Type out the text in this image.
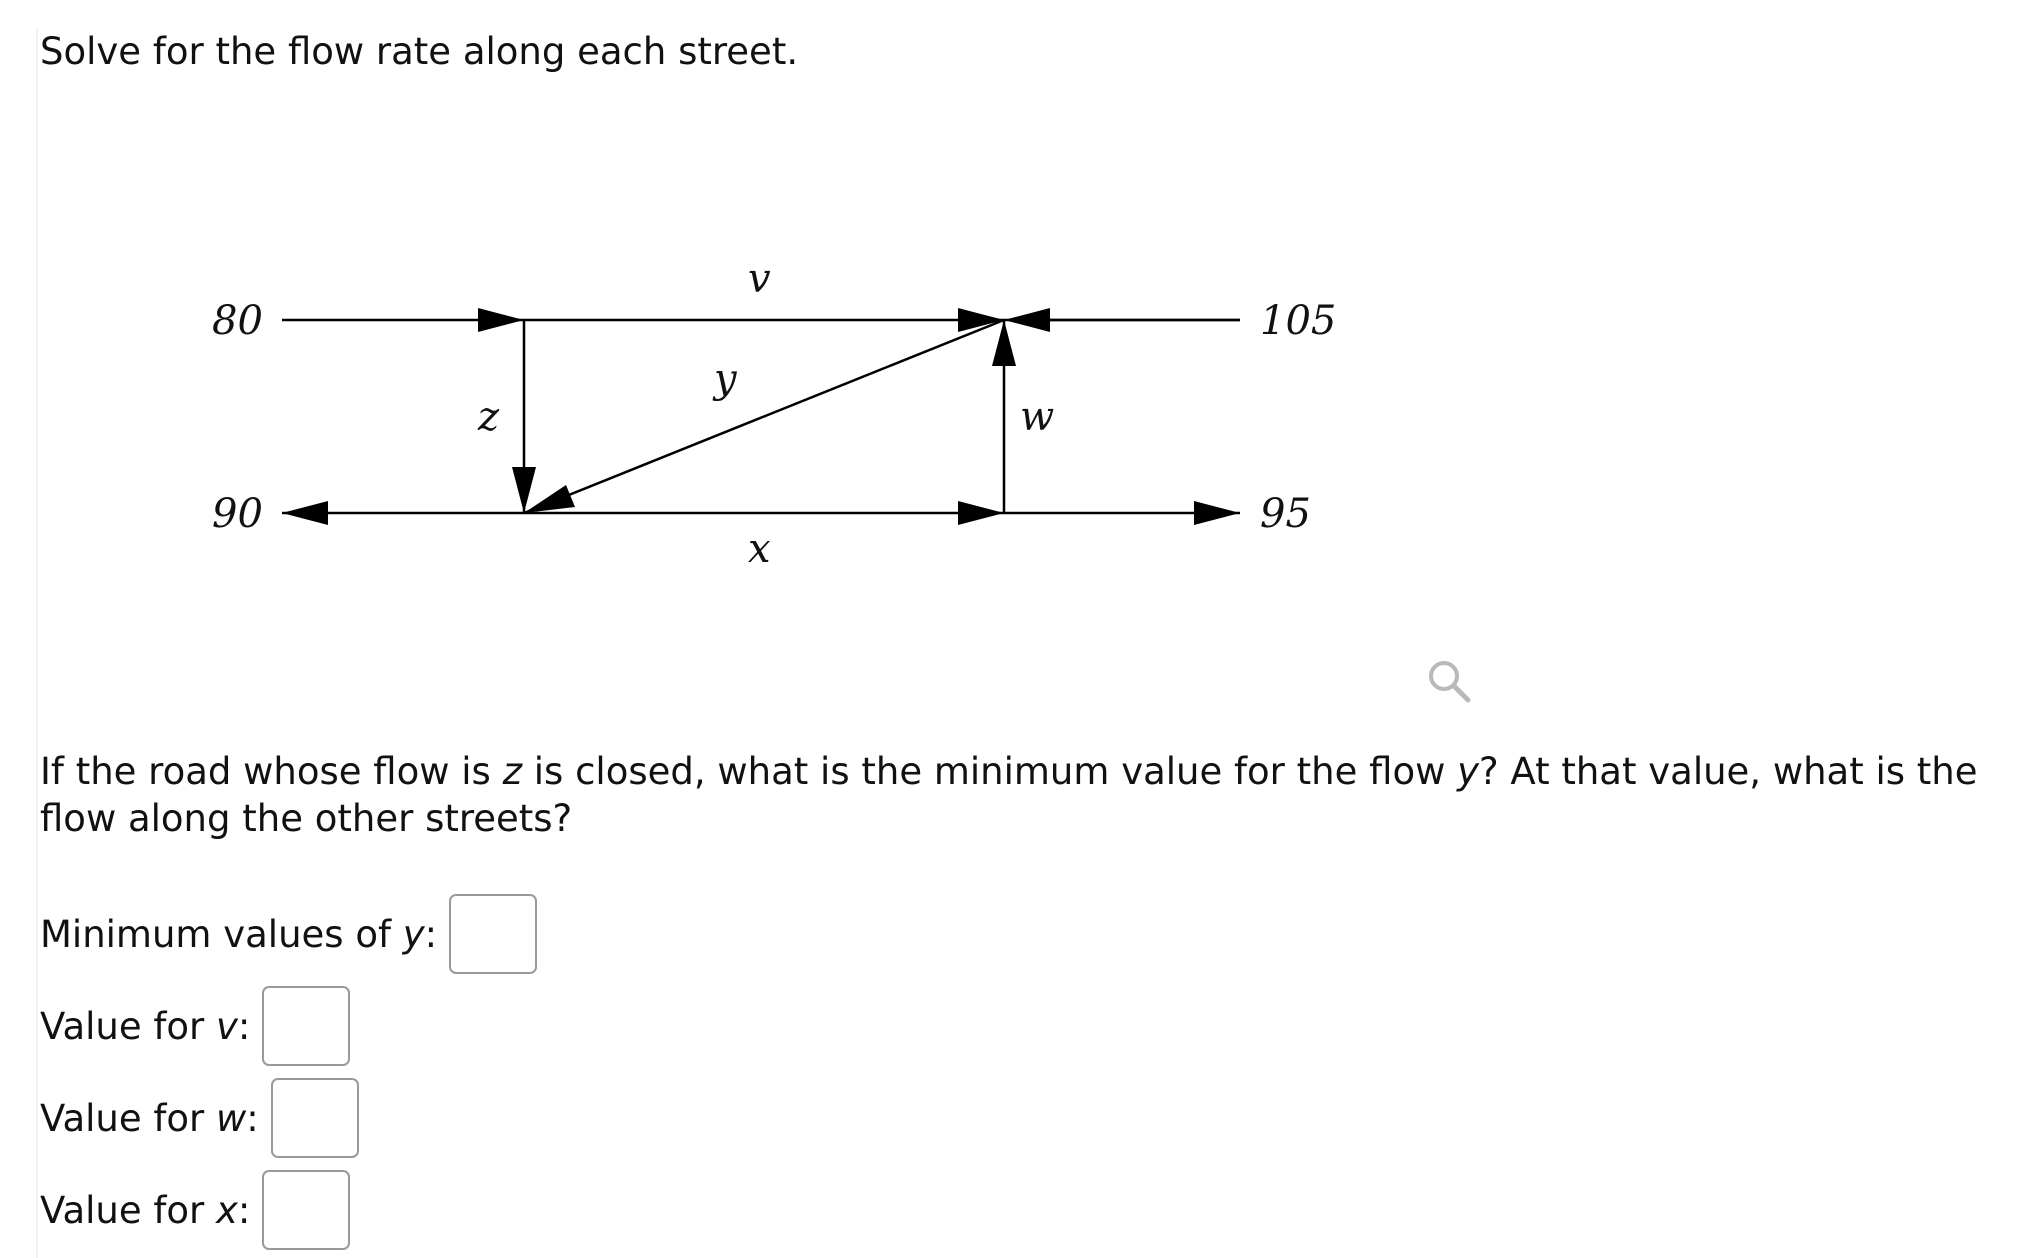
Solve for the flow rate along each street.
80	105
90	95
v
y
z	w
x

If the road whose flow is z is closed, what is the minimum value for the flow y? At that value, what is the flow along the other streets?

Minimum values of y:
Value for v:
Value for w:
Value for x:
